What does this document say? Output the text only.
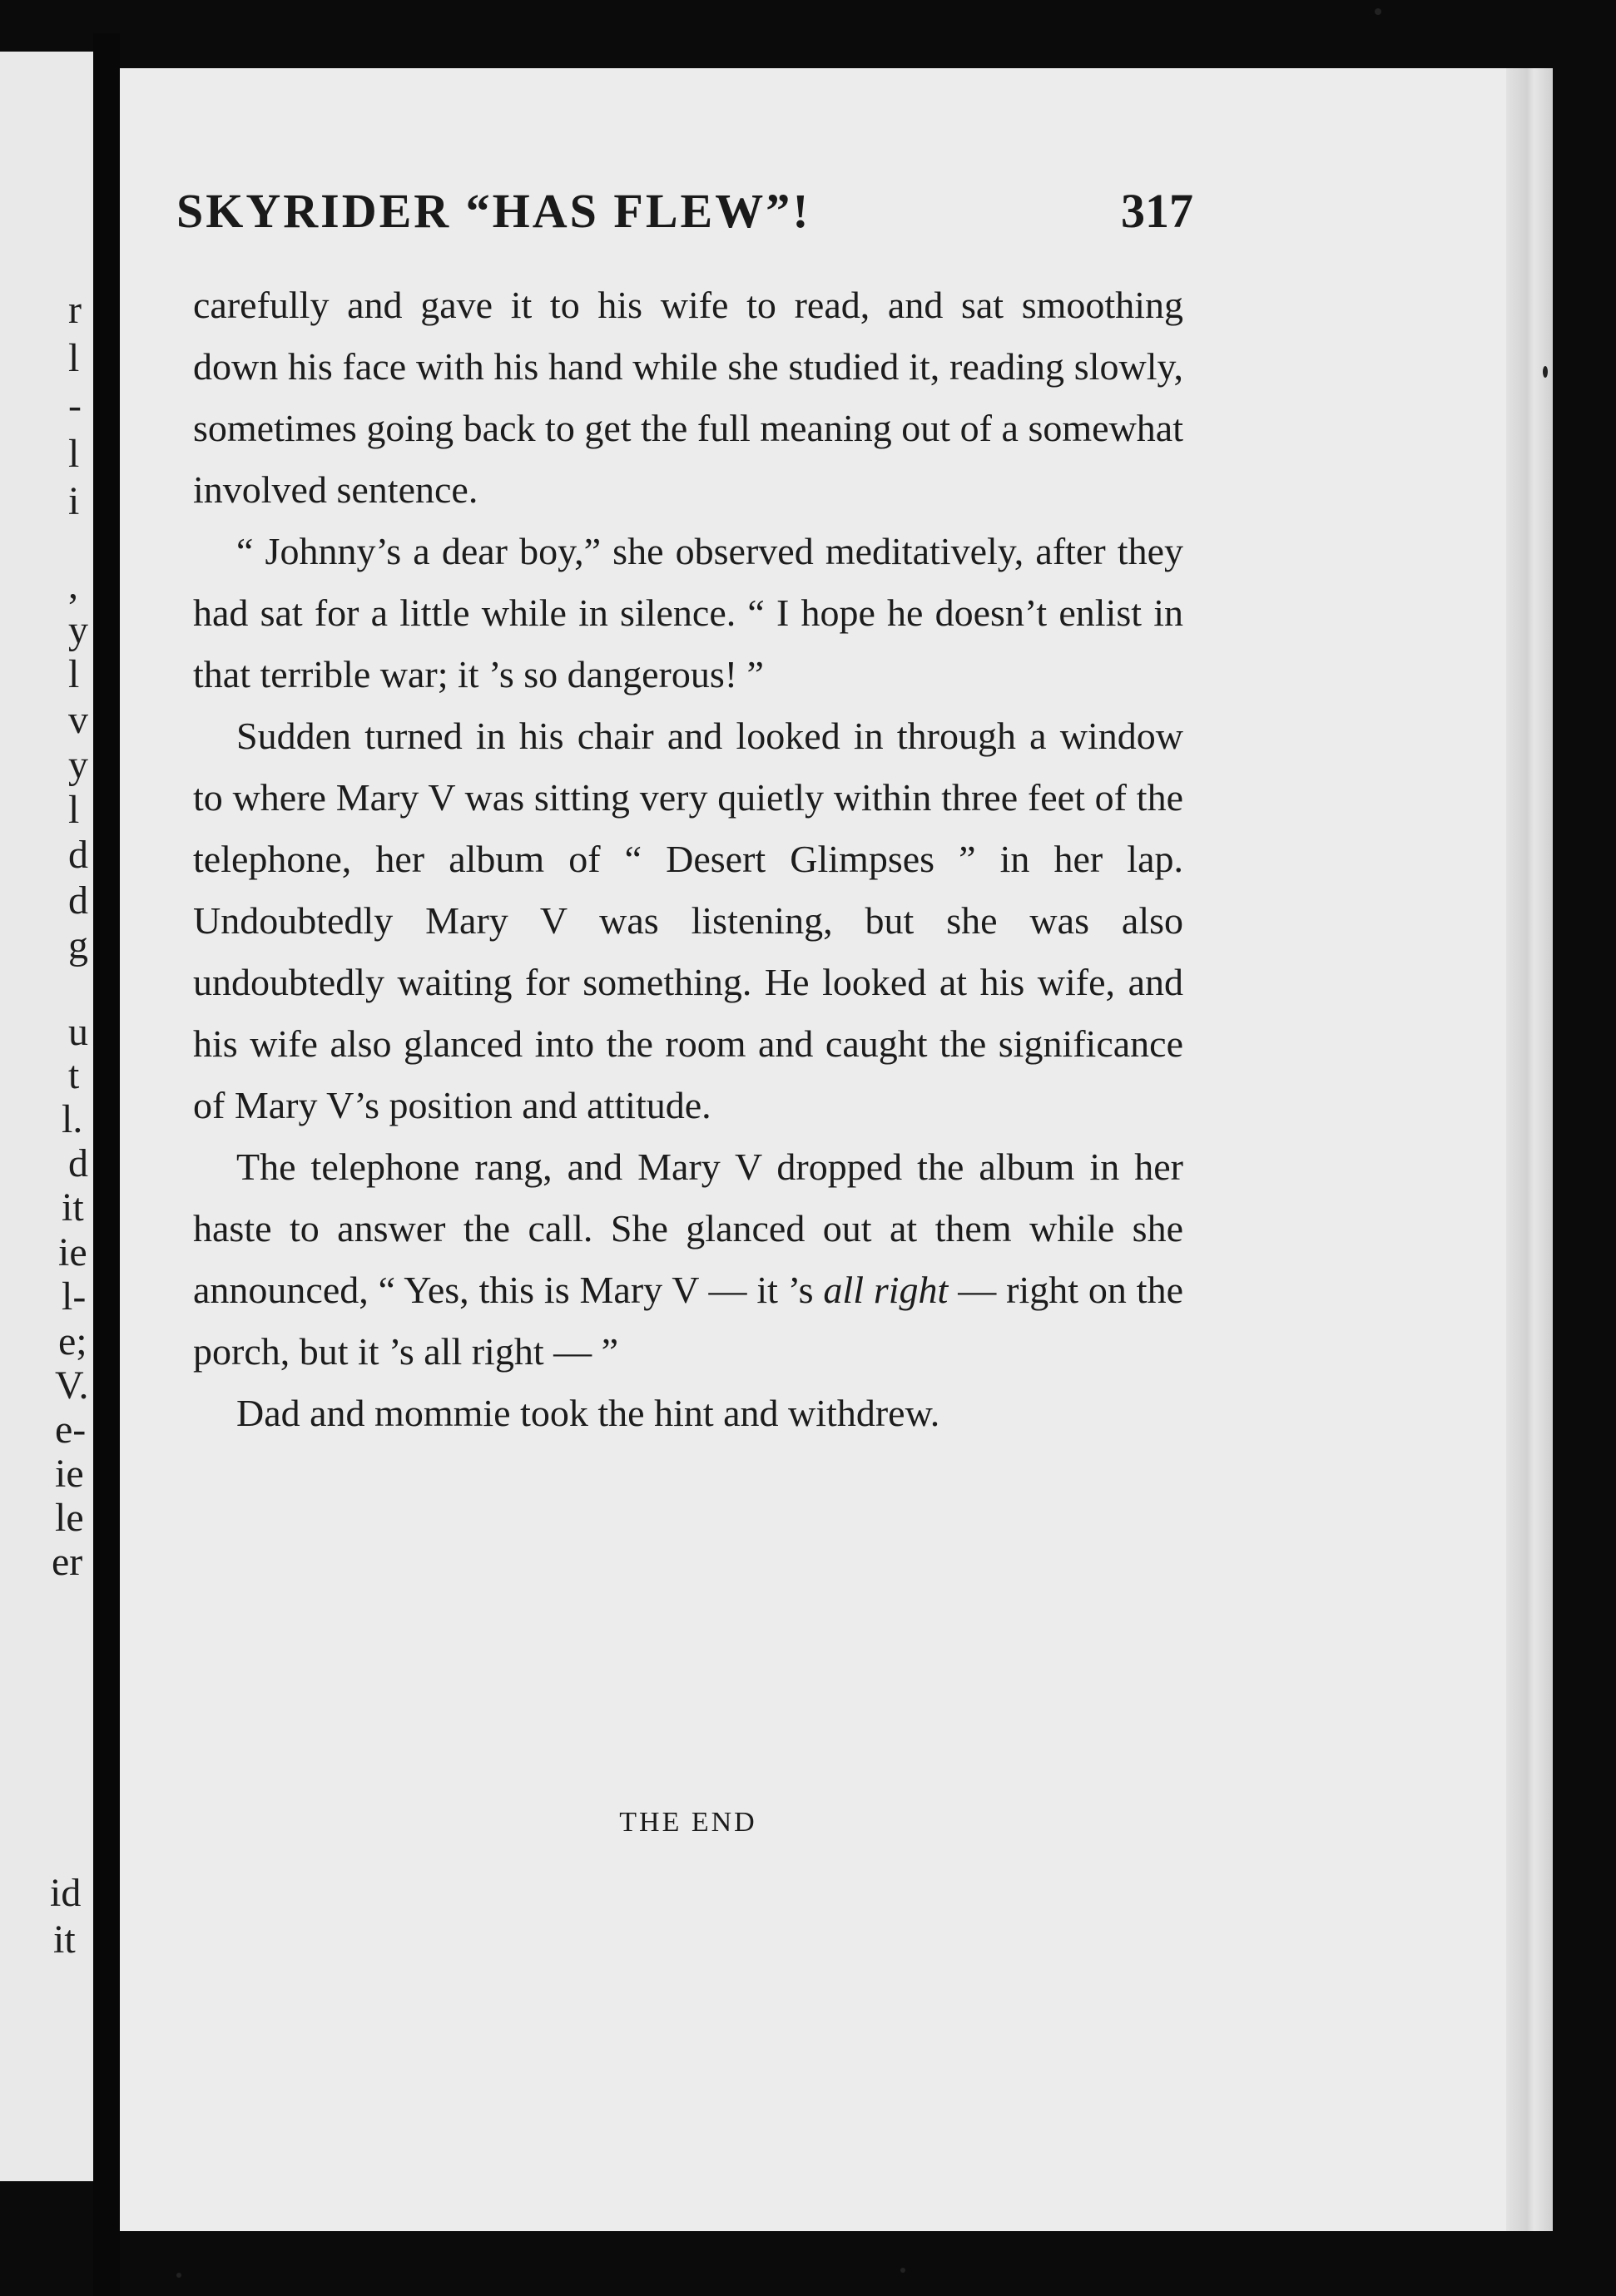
r
l
-
l
i
,
y
l
v
y
l
d
d
g
u
t
l.
d
it
ie
l-
e;
V.
e-
ie
le
er
id
it
SKYRIDER “HAS FLEW”!	317

carefully and gave it to his wife to read, and sat smoothing down his face with his hand while she studied it, reading slowly, sometimes going back to get the full meaning out of a somewhat involved sentence.

“ Johnny’s a dear boy,” she observed meditatively, after they had sat for a little while in silence. “ I hope he doesn’t enlist in that terrible war; it ’s so dangerous! ”

Sudden turned in his chair and looked in through a window to where Mary V was sitting very quietly within three feet of the telephone, her album of “ Desert Glimpses ” in her lap. Undoubtedly Mary V was listening, but she was also undoubtedly waiting for something. He looked at his wife, and his wife also glanced into the room and caught the significance of Mary V’s position and attitude.

The telephone rang, and Mary V dropped the album in her haste to answer the call. She glanced out at them while she announced, “ Yes, this is Mary V — it ’s all right — right on the porch, but it ’s all right — ”

Dad and mommie took the hint and withdrew.

THE END
